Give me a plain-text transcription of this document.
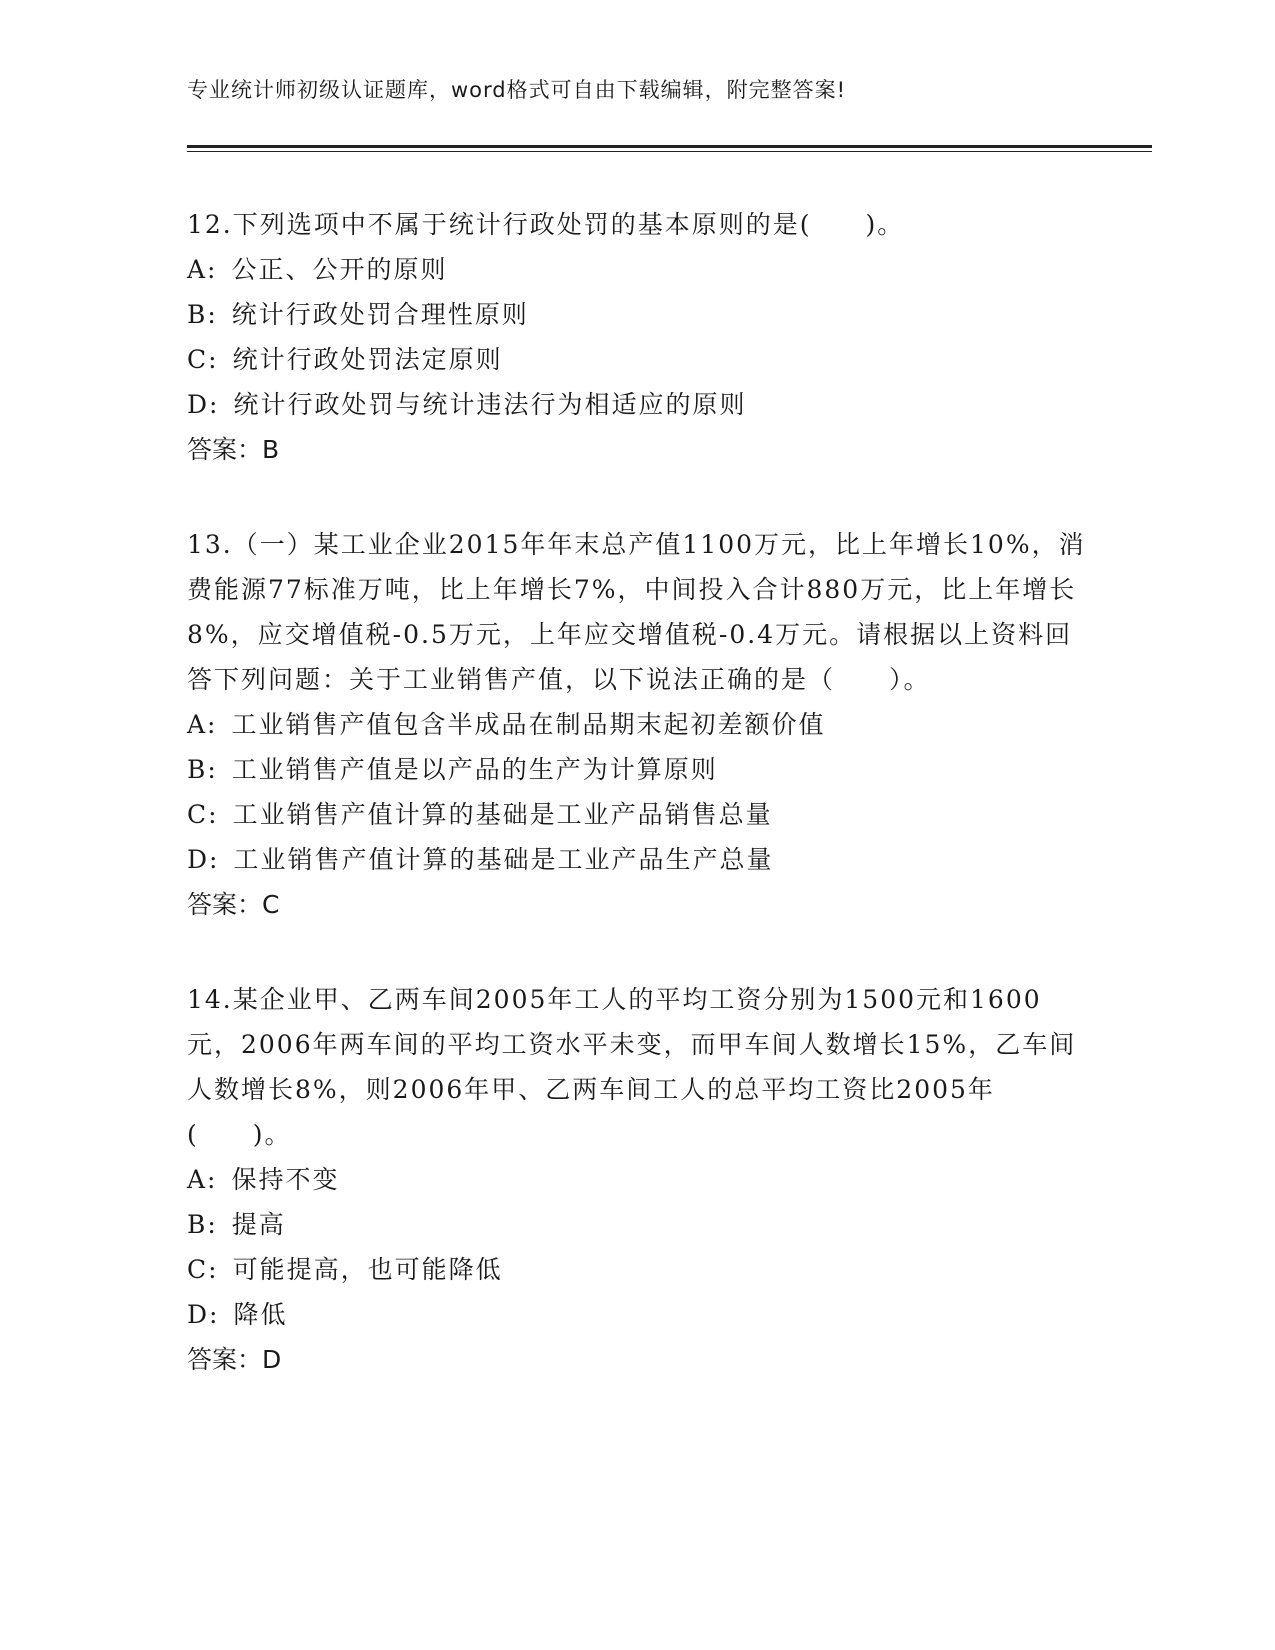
专业统计师初级认证题库，word格式可自由下载编辑，附完整答案!

12.下列选项中不属于统计行政处罚的基本原则的是(　　)。

A: 公正、公开的原则

B: 统计行政处罚合理性原则

C: 统计行政处罚法定原则

D: 统计行政处罚与统计违法行为相适应的原则

答案：B

13.（一）某工业企业2015年年末总产值1100万元，比上年增长10%，消费能源77标准万吨，比上年增长7%，中间投入合计880万元，比上年增长8%，应交增值税-0.5万元，上年应交增值税-0.4万元。请根据以上资料回答下列问题：关于工业销售产值，以下说法正确的是（　　）。

A: 工业销售产值包含半成品在制品期末起初差额价值

B: 工业销售产值是以产品的生产为计算原则

C: 工业销售产值计算的基础是工业产品销售总量

D: 工业销售产值计算的基础是工业产品生产总量

答案：C

14.某企业甲、乙两车间2005年工人的平均工资分别为1500元和1600元，2006年两车间的平均工资水平未变，而甲车间人数增长15%，乙车间人数增长8%，则2006年甲、乙两车间工人的总平均工资比2005年(　　)。

A: 保持不变

B: 提高

C: 可能提高，也可能降低

D: 降低

答案：D
